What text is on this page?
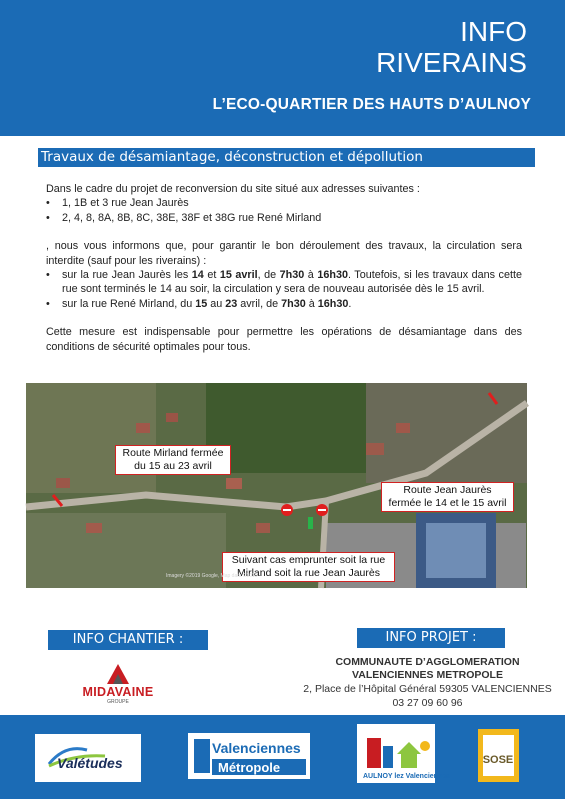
INFO
RIVERAINS
L’ECO-QUARTIER DES HAUTS D’AULNOY
Travaux de désamiantage, déconstruction et dépollution

Dans le cadre du projet de reconversion du site situé aux adresses suivantes :

•	1, 1B et 3 rue Jean Jaurès
•	2, 4, 8, 8A, 8B, 8C, 38E, 38F et 38G rue René Mirland

, nous vous informons que, pour garantir le bon déroulement des travaux, la circulation sera interdite (sauf pour les riverains) :

•	sur la rue Jean Jaurès les 14 et 15 avril, de 7h30 à 16h30. Toutefois, si les travaux dans cette rue sont terminés le 14 au soir, la circulation y sera de nouveau autorisée dès le 15 avril.
•	sur la rue René Mirland, du 15 au 23 avril, de 7h30 à 16h30.

Cette mesure est indispensable pour permettre les opérations de désamiantage dans des conditions de sécurité optimales pour tous.

Route Mirland fermée
du 15 au 23 avril
Route Jean Jaurès
fermée le 14 et le 15 avril
Suivant cas emprunter soit la rue
Mirland soit la rue Jean Jaurès
Imagery ©2019 Google, Map data ©2019
INFO CHANTIER :	INFO PROJET :
MIDAVAINE
GROUPE
COMMUNAUTE D’AGGLOMERATION
VALENCIENNES METROPOLE
2, Place de l’Hôpital Général 59305 VALENCIENNES
03 27 09 60 96
Valétudes
Valenciennes
Métropole
AULNOY lez Valenciennes
SOSE
